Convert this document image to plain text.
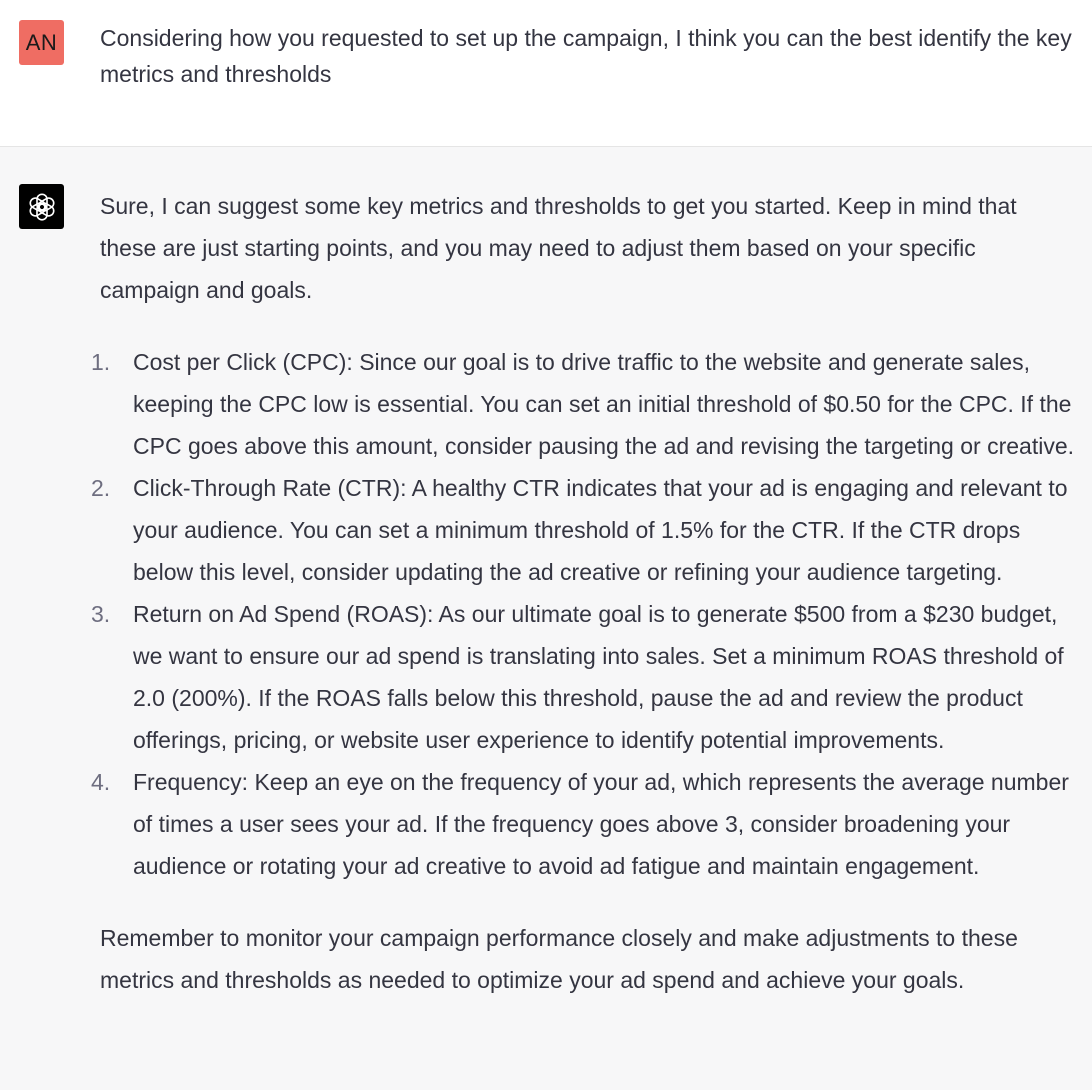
AN Considering how you requested to set up the campaign, I think you can the best identify the key metrics and thresholds

Sure, I can suggest some key metrics and thresholds to get you started. Keep in mind that these are just starting points, and you may need to adjust them based on your specific campaign and goals.

1. Cost per Click (CPC): Since our goal is to drive traffic to the website and generate sales, keeping the CPC low is essential. You can set an initial threshold of $0.50 for the CPC. If the CPC goes above this amount, consider pausing the ad and revising the targeting or creative.
2. Click-Through Rate (CTR): A healthy CTR indicates that your ad is engaging and relevant to your audience. You can set a minimum threshold of 1.5% for the CTR. If the CTR drops below this level, consider updating the ad creative or refining your audience targeting.
3. Return on Ad Spend (ROAS): As our ultimate goal is to generate $500 from a $230 budget, we want to ensure our ad spend is translating into sales. Set a minimum ROAS threshold of 2.0 (200%). If the ROAS falls below this threshold, pause the ad and review the product offerings, pricing, or website user experience to identify potential improvements.
4. Frequency: Keep an eye on the frequency of your ad, which represents the average number of times a user sees your ad. If the frequency goes above 3, consider broadening your audience or rotating your ad creative to avoid ad fatigue and maintain engagement.

Remember to monitor your campaign performance closely and make adjustments to these metrics and thresholds as needed to optimize your ad spend and achieve your goals.
